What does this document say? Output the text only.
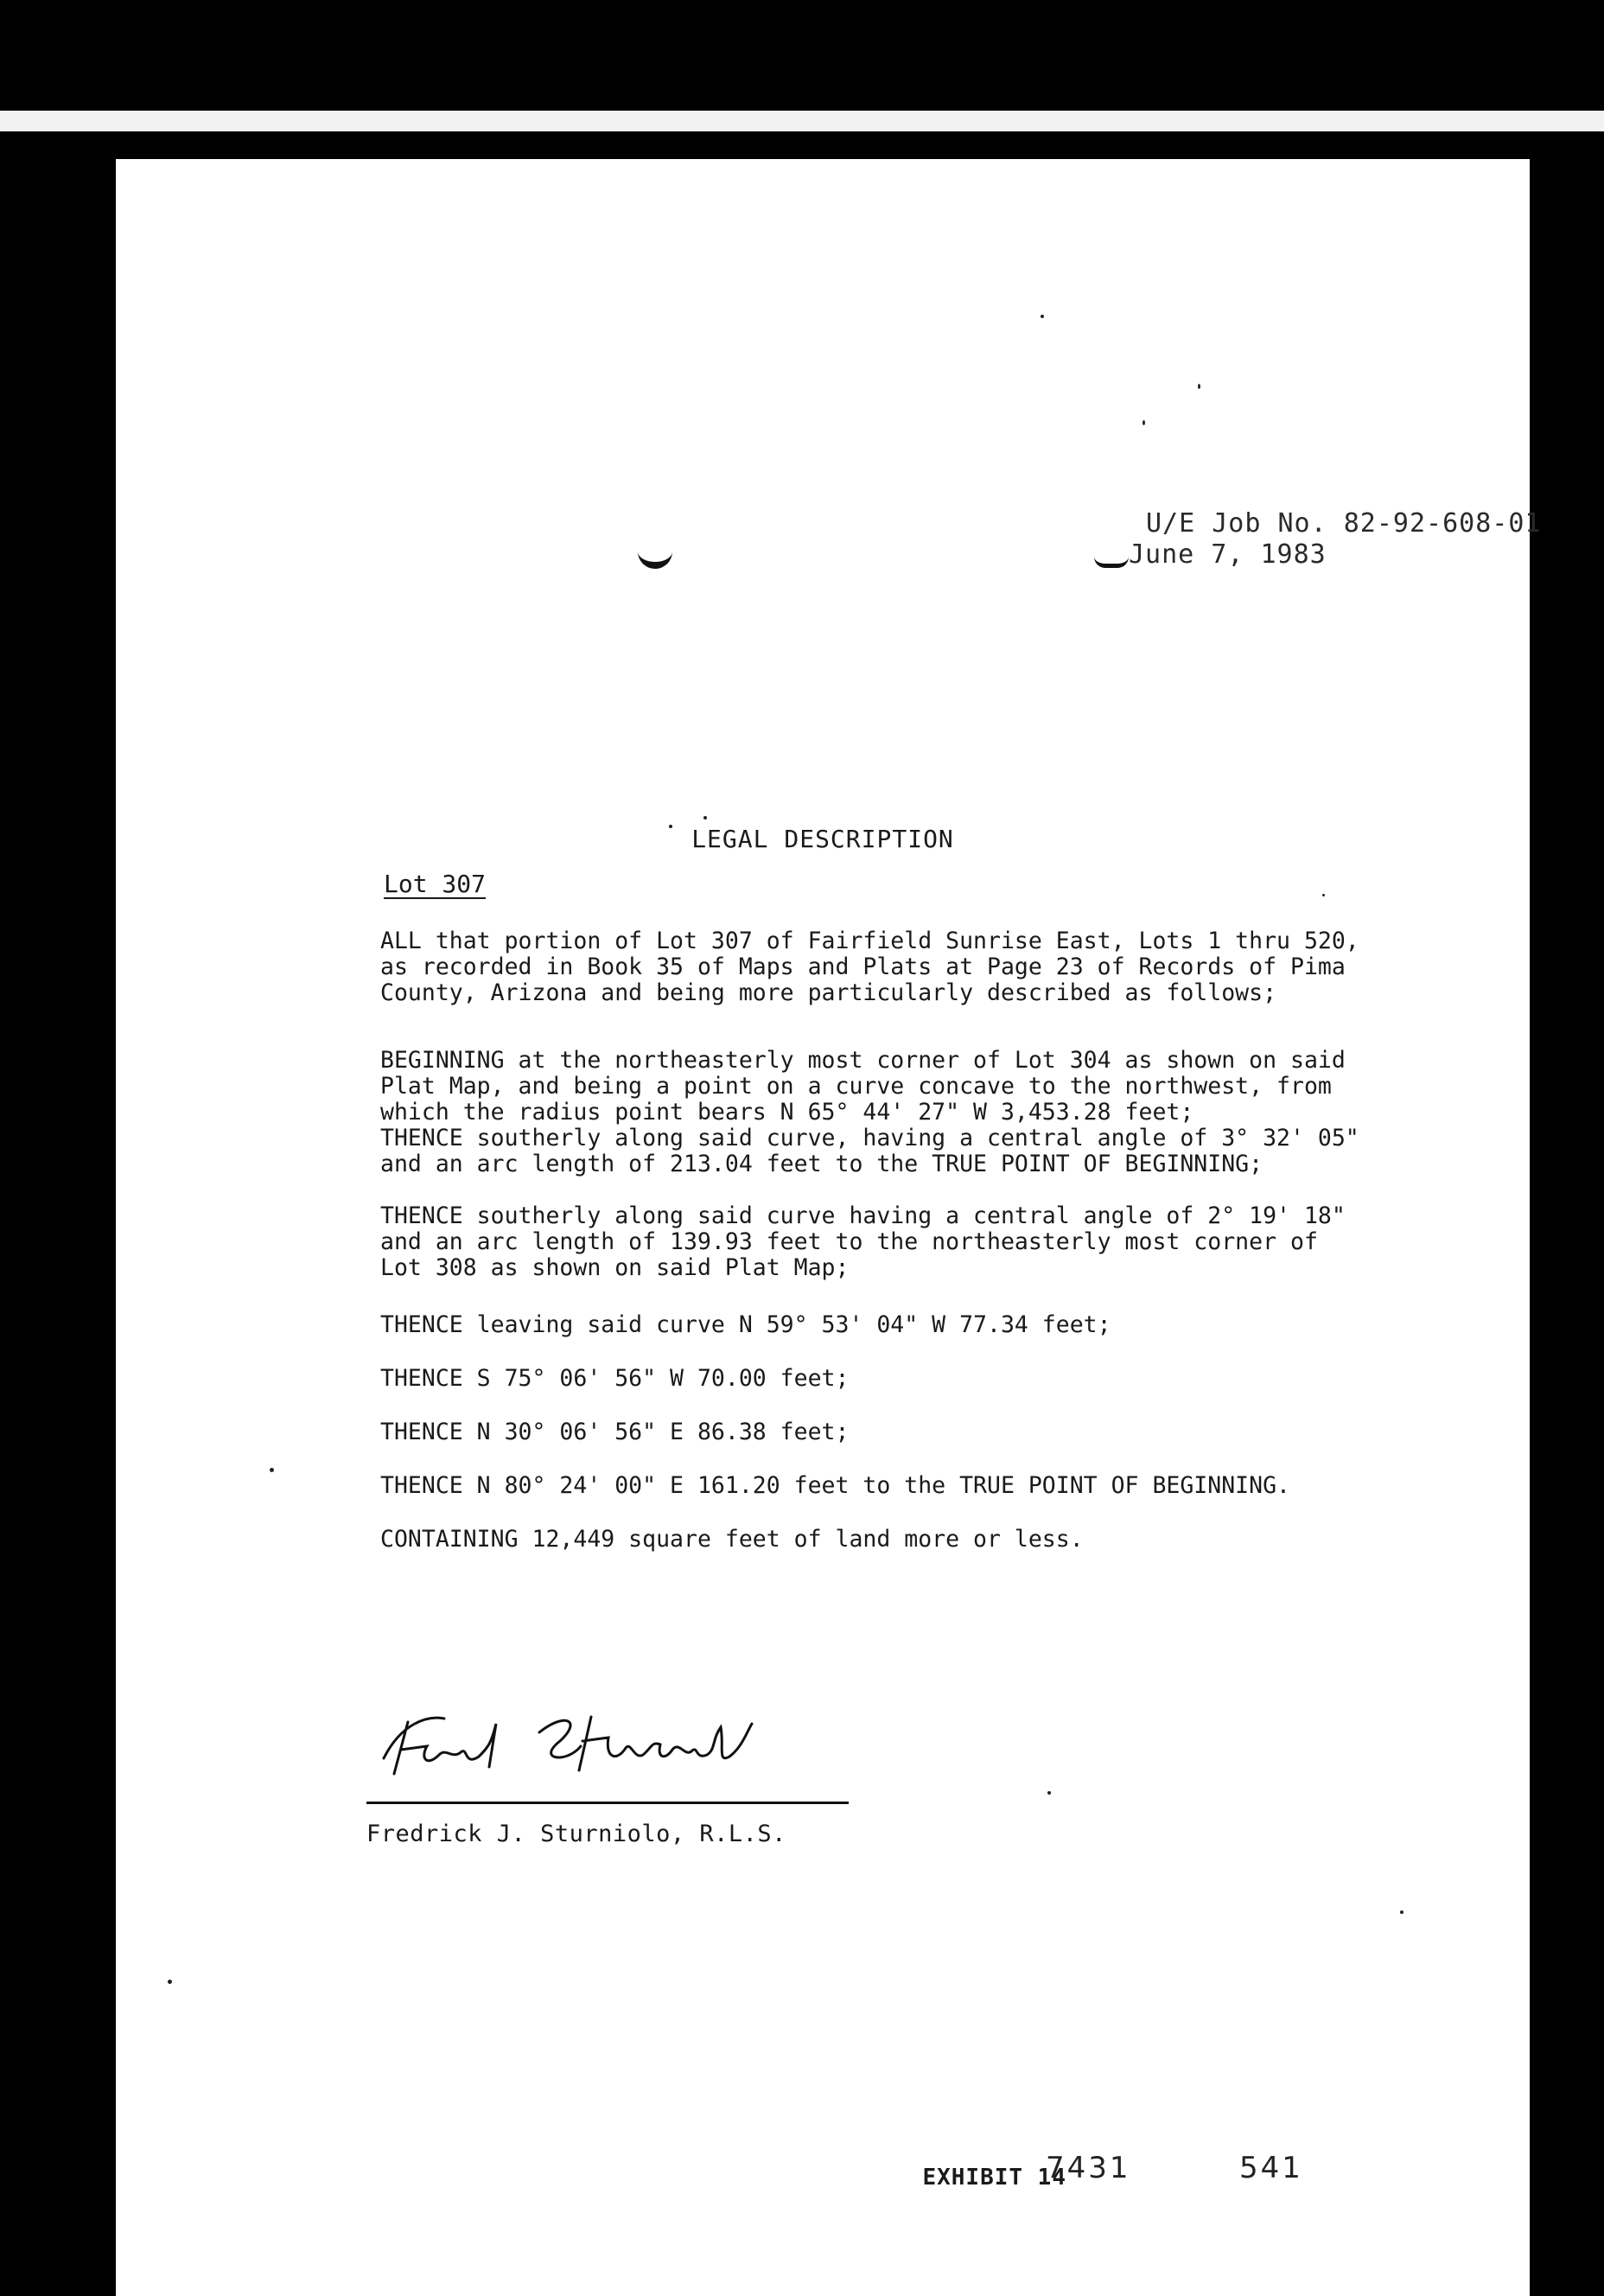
U/E Job No. 82-92-608-01
June 7, 1983
LEGAL DESCRIPTION
Lot 307
ALL that portion of Lot 307 of Fairfield Sunrise East, Lots 1 thru 520,
as recorded in Book 35 of Maps and Plats at Page 23 of Records of Pima
County, Arizona and being more particularly described as follows;
BEGINNING at the northeasterly most corner of Lot 304 as shown on said
Plat Map, and being a point on a curve concave to the northwest, from
which the radius point bears N 65° 44' 27" W 3,453.28 feet;
THENCE southerly along said curve, having a central angle of 3° 32' 05"
and an arc length of 213.04 feet to the TRUE POINT OF BEGINNING;
THENCE southerly along said curve having a central angle of 2° 19' 18"
and an arc length of 139.93 feet to the northeasterly most corner of
Lot 308 as shown on said Plat Map;
THENCE leaving said curve N 59° 53' 04" W 77.34 feet;
THENCE S 75° 06' 56" W 70.00 feet;
THENCE N 30° 06' 56" E 86.38 feet;
THENCE N 80° 24' 00" E 161.20 feet to the TRUE POINT OF BEGINNING.
CONTAINING 12,449 square feet of land more or less.
Fredrick J. Sturniolo, R.L.S.
EXHIBIT 14
7431	541
